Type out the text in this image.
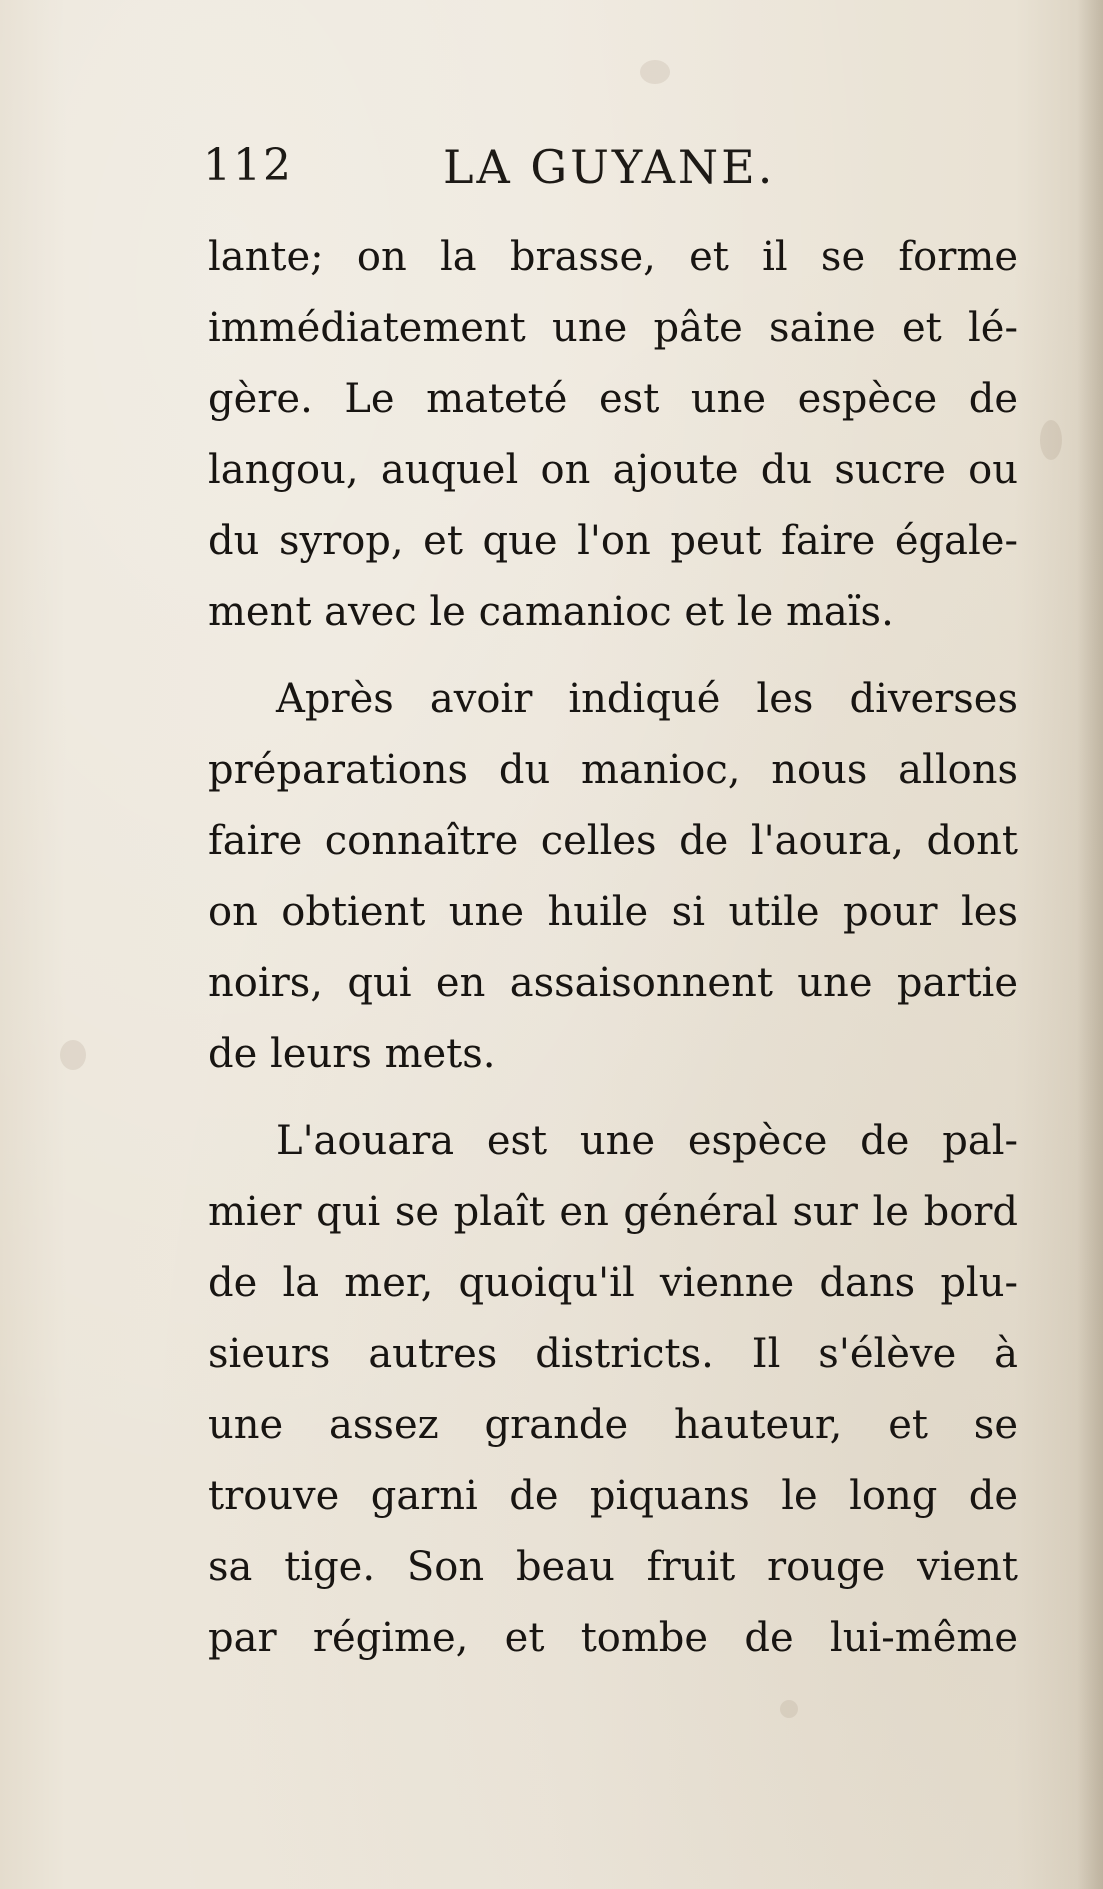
112	LA GUYANE.
lante; on la brasse, et il se forme
immédiatement une pâte saine et lé-
gère. Le mateté est une espèce de
langou, auquel on ajoute du sucre ou
du syrop, et que l'on peut faire égale-
ment avec le camanioc et le maïs.
Après avoir indiqué les diverses
préparations du manioc, nous allons
faire connaître celles de l'aoura, dont
on obtient une huile si utile pour les
noirs, qui en assaisonnent une partie
de leurs mets.
L'aouara est une espèce de pal-
mier qui se plaît en général sur le bord
de la mer, quoiqu'il vienne dans plu-
sieurs autres districts. Il s'élève à
une assez grande hauteur, et se
trouve garni de piquans le long de
sa tige. Son beau fruit rouge vient
par régime, et tombe de lui-même
